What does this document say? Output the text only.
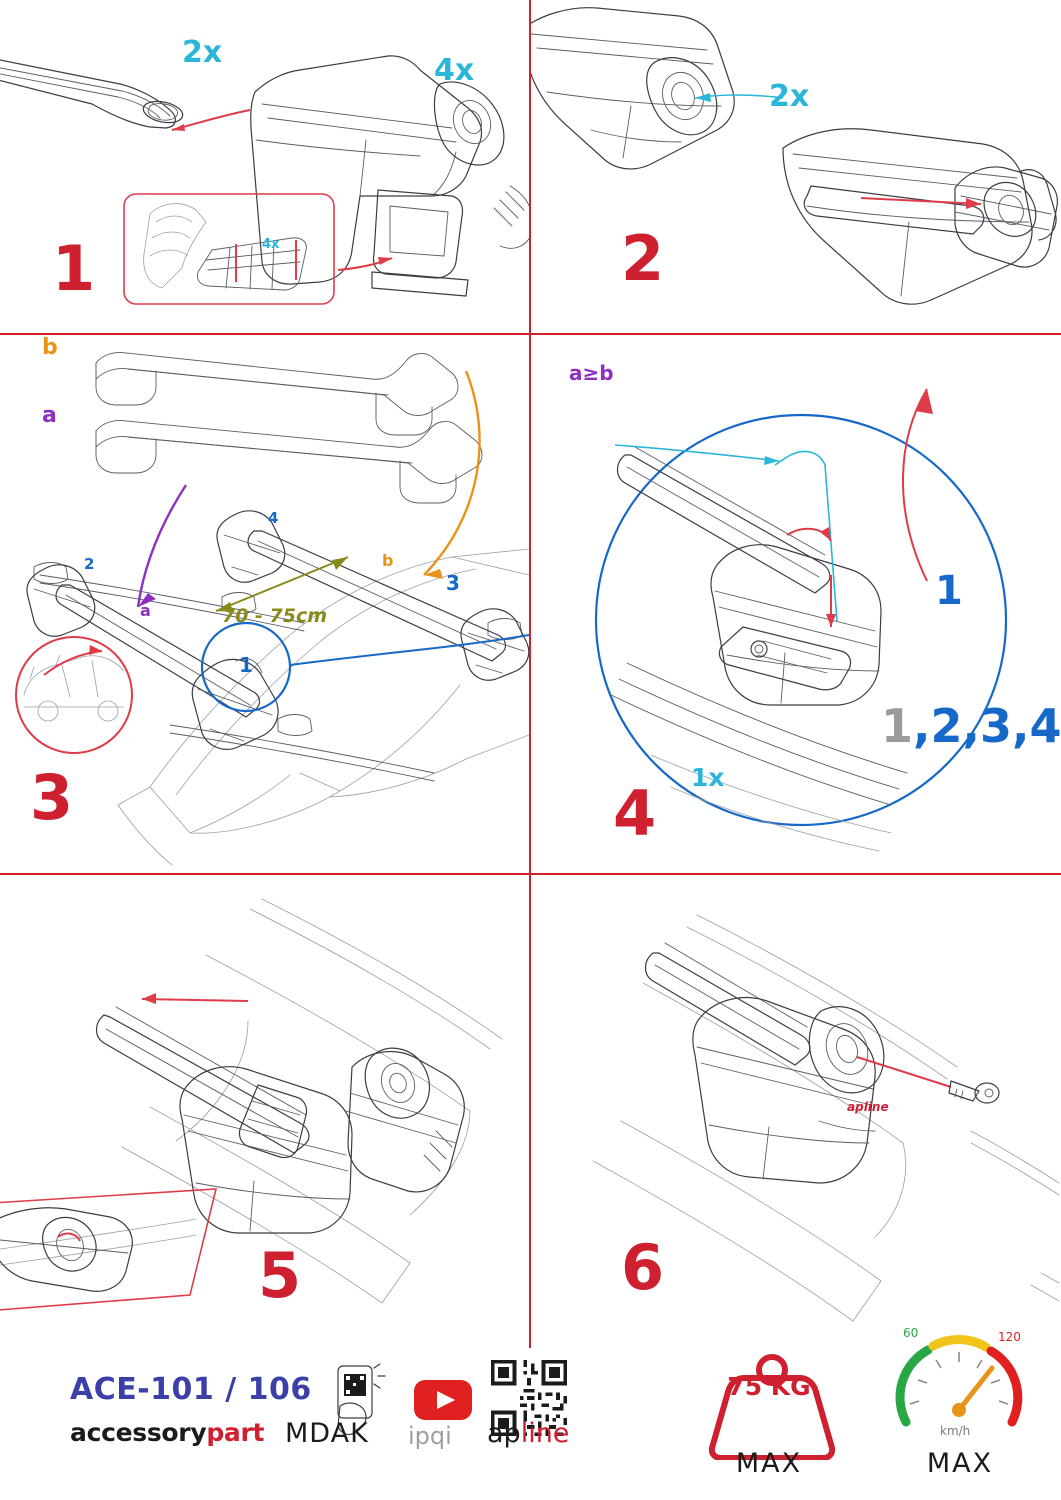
2x
4x
4x
1
2x
2
b
a
70 - 75cm
a
b
1
2
3
4
3	1x
1,2,3,4
1
a≥b
4
5	6
apline
ACE-101 / 106
accessorypart MDAK ipqi apline
75 KG
MAX
60	120
km/h
MAX
